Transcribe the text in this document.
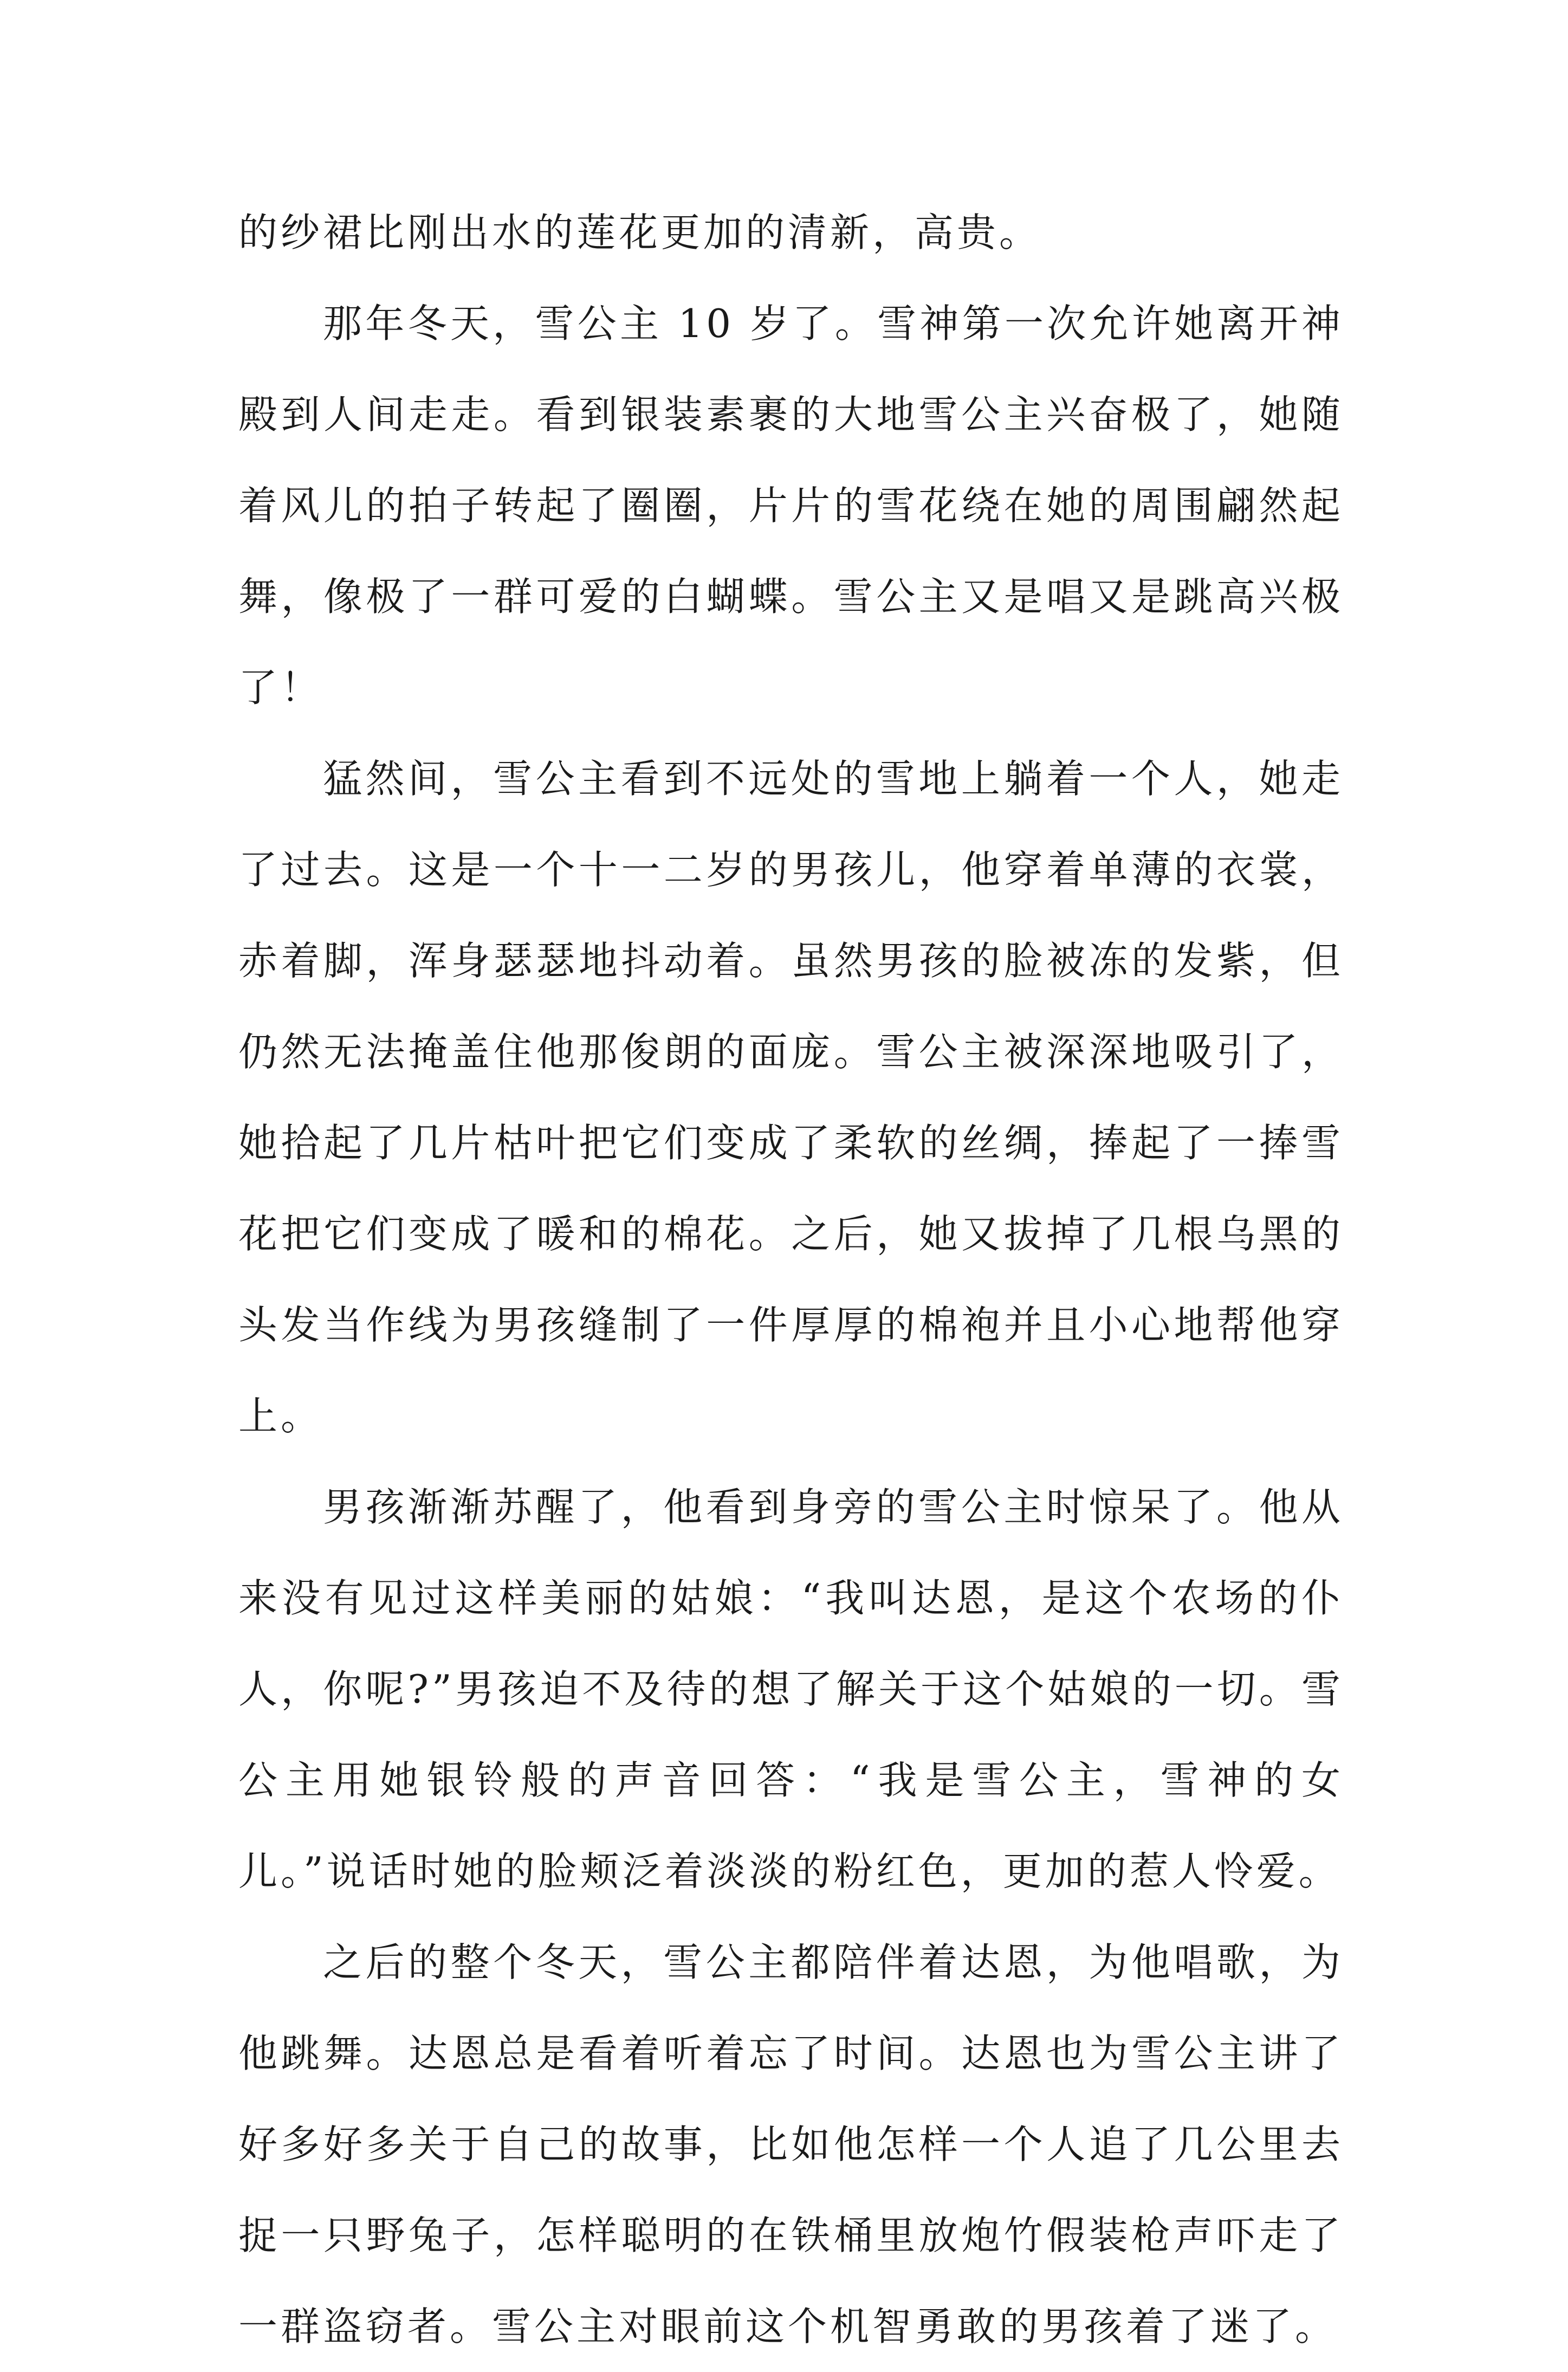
的纱裙比刚出水的莲花更加的清新，高贵。

那年冬天，雪公主 10 岁了。雪神第一次允许她离开神殿到人间走走。看到银装素裹的大地雪公主兴奋极了，她随着风儿的拍子转起了圈圈，片片的雪花绕在她的周围翩然起舞，像极了一群可爱的白蝴蝶。雪公主又是唱又是跳高兴极了！

猛然间，雪公主看到不远处的雪地上躺着一个人，她走了过去。这是一个十一二岁的男孩儿，他穿着单薄的衣裳，赤着脚，浑身瑟瑟地抖动着。虽然男孩的脸被冻的发紫，但仍然无法掩盖住他那俊朗的面庞。雪公主被深深地吸引了，她拾起了几片枯叶把它们变成了柔软的丝绸，捧起了一捧雪花把它们变成了暖和的棉花。之后，她又拔掉了几根乌黑的头发当作线为男孩缝制了一件厚厚的棉袍并且小心地帮他穿上。

男孩渐渐苏醒了，他看到身旁的雪公主时惊呆了。他从来没有见过这样美丽的姑娘：“我叫达恩，是这个农场的仆人，你呢?”男孩迫不及待的想了解关于这个姑娘的一切。雪公主用她银铃般的声音回答：“我是雪公主，雪神的女儿。”说话时她的脸颊泛着淡淡的粉红色，更加的惹人怜爱。

之后的整个冬天，雪公主都陪伴着达恩，为他唱歌，为他跳舞。达恩总是看着听着忘了时间。达恩也为雪公主讲了好多好多关于自己的故事，比如他怎样一个人追了几公里去捉一只野兔子，怎样聪明的在铁桶里放炮竹假装枪声吓走了一群盗窃者。雪公主对眼前这个机智勇敢的男孩着了迷了。
